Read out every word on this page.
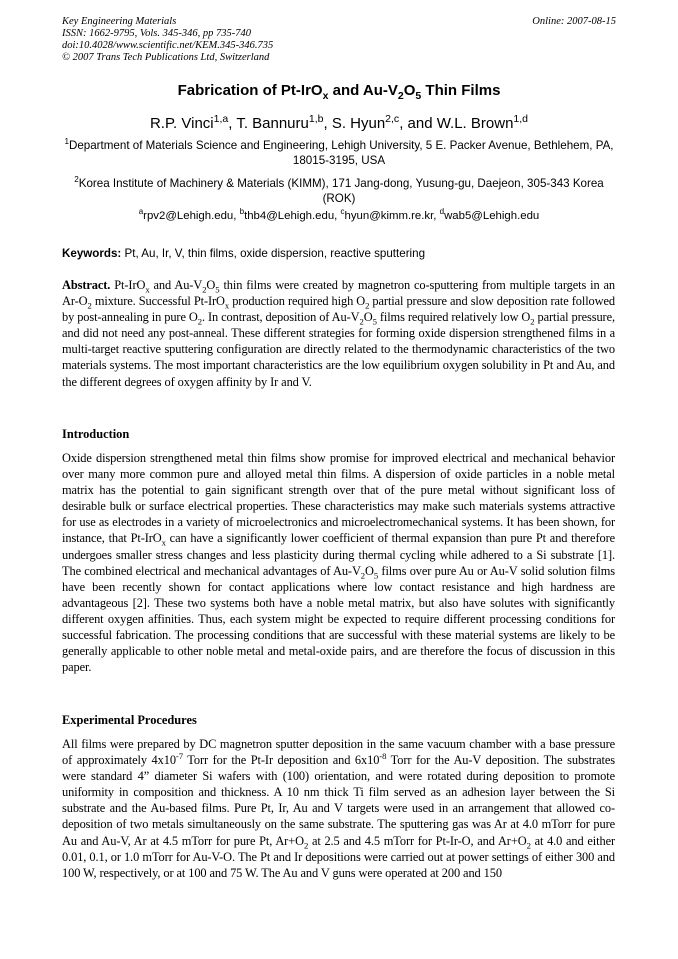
Key Engineering Materials
ISSN: 1662-9795, Vols. 345-346, pp 735-740
doi:10.4028/www.scientific.net/KEM.345-346.735
© 2007 Trans Tech Publications Ltd, Switzerland
Online: 2007-08-15
Fabrication of Pt-IrO$_x$ and $Au-V_2O_5$ Thin Films
R.P. Vinci$^{1,a}$, T. Bannuru$^{1,b}$, S. Hyun$^{2,c}$, and W.L. Brown$^{1,d}$
$^1$Department of Materials Science and Engineering, Lehigh University, 5 E. Packer Avenue, Bethlehem, PA, 18015-3195, USA
$^2$Korea Institute of Machinery & Materials (KIMM), 171 Jang-dong, Yusung-gu, Daejeon, 305-343 Korea (ROK)
$^a$rpv2@Lehigh.edu, $^b$thb4@Lehigh.edu, $^c$hyun@kimm.re.kr, $^d$wab5@Lehigh.edu
Keywords: Pt, Au, Ir, V, thin films, oxide dispersion, reactive sputtering
Abstract. Pt-IrO$_x$ and $Au-V_2O_5$ thin films were created by magnetron co-sputtering from multiple targets in an $Ar-O_2$ mixture. Successful Pt-IrO$_x$ production required high $O_2$ partial pressure and slow deposition rate followed by post-annealing in pure $O_2$. In contrast, deposition of $Au-V_2O_5$ films required relatively low $O_2$ partial pressure, and did not need any post-anneal. These different strategies for forming oxide dispersion strengthened films in a multi-target reactive sputtering configuration are directly related to the thermodynamic characteristics of the two materials systems. The most important characteristics are the low equilibrium oxygen solubility in Pt and Au, and the different degrees of oxygen affinity by Ir and V.
Introduction
Oxide dispersion strengthened metal thin films show promise for improved electrical and mechanical behavior over many more common pure and alloyed metal thin films. A dispersion of oxide particles in a noble metal matrix has the potential to gain significant strength over that of the pure metal without significant loss of desirable bulk or surface electrical properties. These characteristics may make such materials systems attractive for use as electrodes in a variety of microelectronics and microelectromechanical systems. It has been shown, for instance, that Pt-IrO$_x$ can have a significantly lower coefficient of thermal expansion than pure Pt and therefore undergoes smaller stress changes and less plasticity during thermal cycling while adhered to a Si substrate [1]. The combined electrical and mechanical advantages of $Au-V_2O_5$ films over pure Au or Au-V solid solution films have been recently shown for contact applications where low contact resistance and high hardness are advantageous [2]. These two systems both have a noble metal matrix, but also have solutes with significantly different oxygen affinities. Thus, each system might be expected to require different processing conditions for successful fabrication. The processing conditions that are successful with these material systems are likely to be generally applicable to other noble metal and metal-oxide pairs, and are therefore the focus of discussion in this paper.
Experimental Procedures
All films were prepared by DC magnetron sputter deposition in the same vacuum chamber with a base pressure of approximately $4x10^{-7}$ Torr for the Pt-Ir deposition and $6x10^{-8}$ Torr for the Au-V deposition. The substrates were standard 4” diameter Si wafers with (100) orientation, and were rotated during deposition to promote uniformity in composition and thickness. A 10 nm thick Ti film served as an adhesion layer between the Si substrate and the Au-based films. Pure Pt, Ir, Au and V targets were used in an arrangement that allowed co-deposition of two metals simultaneously on the same substrate. The sputtering gas was Ar at 4.0 mTorr for pure Au and Au-V, Ar at 4.5 mTorr for pure Pt, $Ar+O_2$ at 2.5 and 4.5 mTorr for Pt-Ir-O, and $Ar+O_2$ at 4.0 and either 0.01, 0.1, or 1.0 mTorr for Au-V-O. The Pt and Ir depositions were carried out at power settings of either 300 and 100 W, respectively, or at 100 and 75 W. The Au and V guns were operated at 200 and 150
